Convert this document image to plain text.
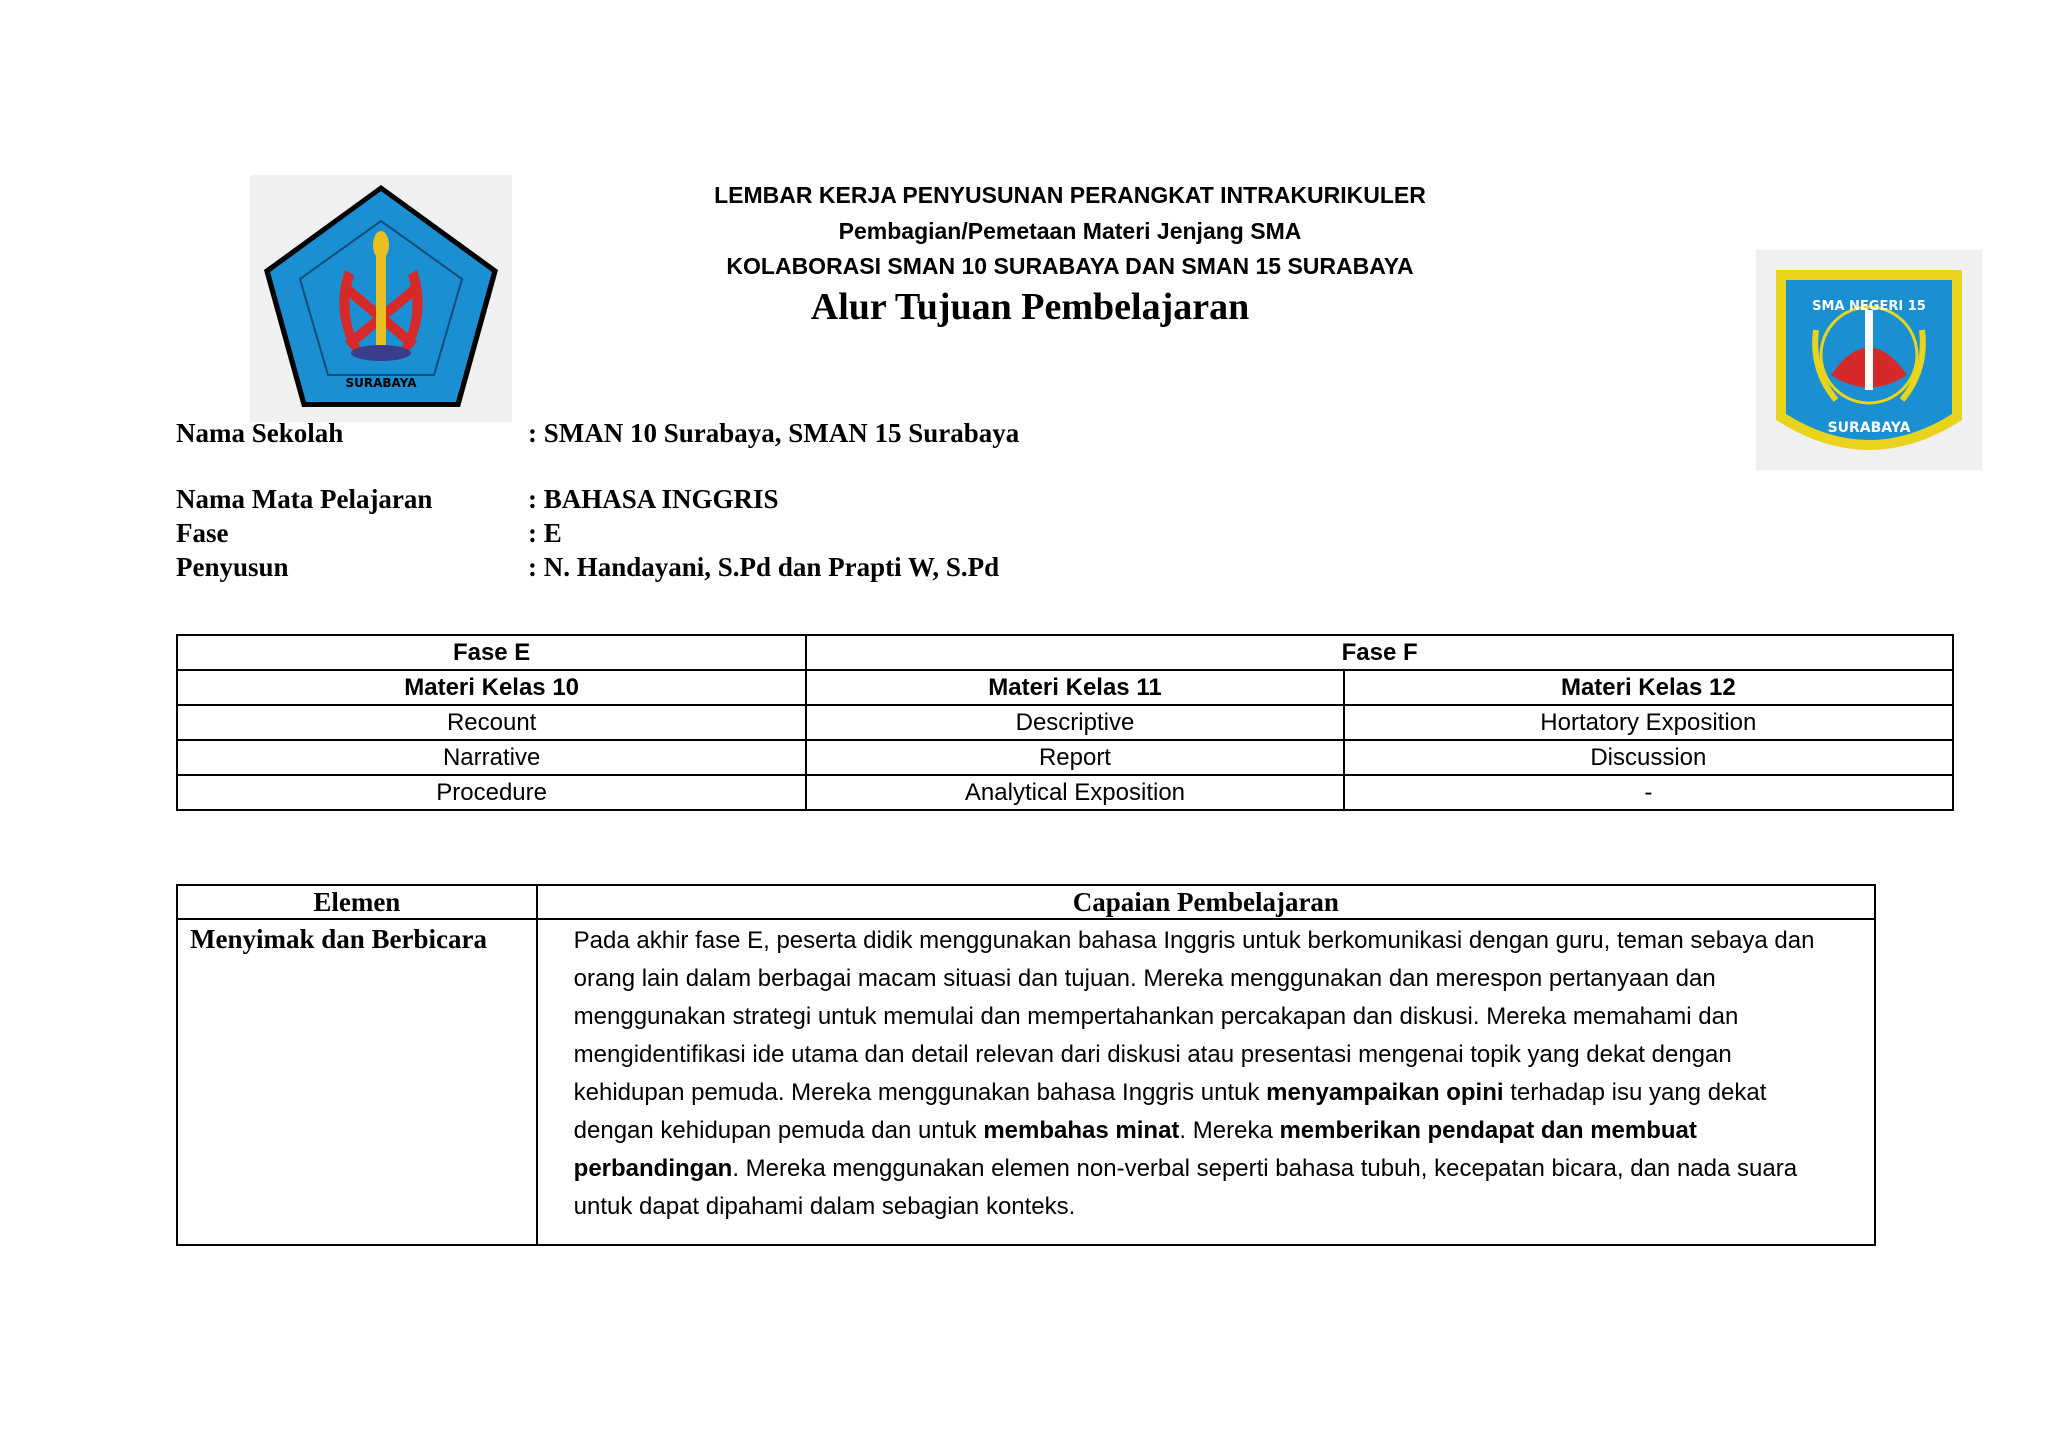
SURABAYA
SMA NEGERI 15
SURABAYA
LEMBAR KERJA PENYUSUNAN PERANGKAT INTRAKURIKULER
Pembagian/Pemetaan Materi Jenjang SMA
KOLABORASI SMAN 10 SURABAYA DAN SMAN 15 SURABAYA
Alur Tujuan Pembelajaran
Nama Sekolah	: SMAN 10 Surabaya, SMAN 15 Surabaya
Nama Mata Pelajaran	: BAHASA INGGRIS
Fase	: E
Penyusun	: N. Handayani, S.Pd dan Prapti W, S.Pd
Fase E	Fase F	
Materi Kelas 10	Materi Kelas 11	Materi Kelas 12
Recount	Descriptive	Hortatory Exposition
Narrative	Report	Discussion
Procedure	Analytical Exposition	-
Elemen	Capaian Pembelajaran
Menyimak dan Berbicara	Pada akhir fase E, peserta didik menggunakan bahasa Inggris untuk berkomunikasi dengan guru, teman sebaya dan orang lain dalam berbagai macam situasi dan tujuan. Mereka menggunakan dan merespon pertanyaan dan menggunakan strategi untuk memulai dan mempertahankan percakapan dan diskusi. Mereka memahami dan mengidentifikasi ide utama dan detail relevan dari diskusi atau presentasi mengenai topik yang dekat dengan kehidupan pemuda. Mereka menggunakan bahasa Inggris untuk menyampaikan opini terhadap isu yang dekat dengan kehidupan pemuda dan untuk membahas minat. Mereka memberikan pendapat dan membuat perbandingan. Mereka menggunakan elemen non-verbal seperti bahasa tubuh, kecepatan bicara, dan nada suara untuk dapat dipahami dalam sebagian konteks.
